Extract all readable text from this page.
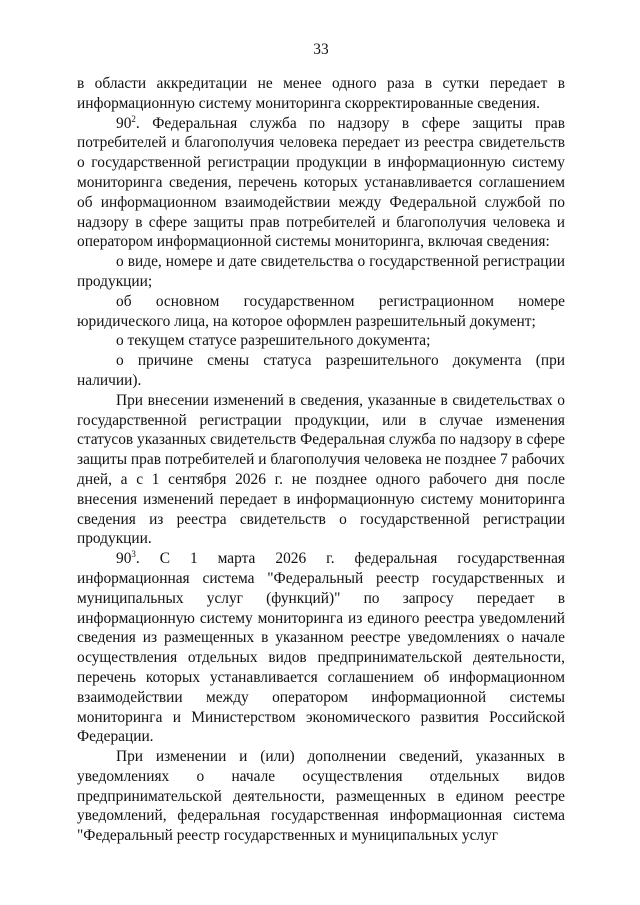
33

в области аккредитации не менее одного раза в сутки передает в информационную систему мониторинга скорректированные сведения.

$90^2$. Федеральная служба по надзору в сфере защиты прав потребителей и благополучия человека передает из реестра свидетельств о государственной регистрации продукции в информационную систему мониторинга сведения, перечень которых устанавливается соглашением об информационном взаимодействии между Федеральной службой по надзору в сфере защиты прав потребителей и благополучия человека и оператором информационной системы мониторинга, включая сведения:

о виде, номере и дате свидетельства о государственной регистрации продукции;

об основном государственном регистрационном номере юридического лица, на которое оформлен разрешительный документ;

о текущем статусе разрешительного документа;

о причине смены статуса разрешительного документа (при наличии).

При внесении изменений в сведения, указанные в свидетельствах о государственной регистрации продукции, или в случае изменения статусов указанных свидетельств Федеральная служба по надзору в сфере защиты прав потребителей и благополучия человека не позднее 7 рабочих дней, а с 1 сентября 2026 г. не позднее одного рабочего дня после внесения изменений передает в информационную систему мониторинга сведения из реестра свидетельств о государственной регистрации продукции.

$90^3$. С 1 марта 2026 г. федеральная государственная информационная система "Федеральный реестр государственных и муниципальных услуг (функций)" по запросу передает в информационную систему мониторинга из единого реестра уведомлений сведения из размещенных в указанном реестре уведомлениях о начале осуществления отдельных видов предпринимательской деятельности, перечень которых устанавливается соглашением об информационном взаимодействии между оператором информационной системы мониторинга и Министерством экономического развития Российской Федерации.

При изменении и (или) дополнении сведений, указанных в уведомлениях о начале осуществления отдельных видов предпринимательской деятельности, размещенных в едином реестре уведомлений, федеральная государственная информационная система "Федеральный реестр государственных и муниципальных услуг
